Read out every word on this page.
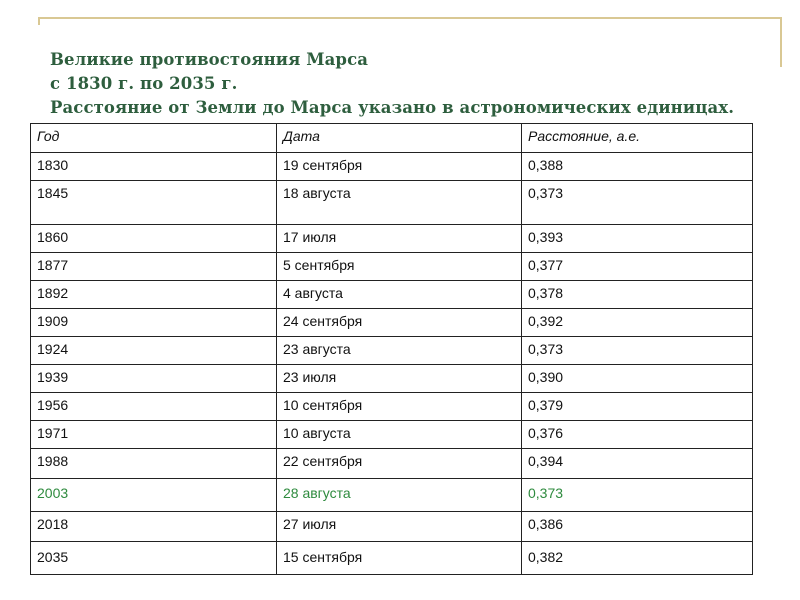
Великие противостояния Марса
с 1830 г. по 2035 г.
Расстояние от Земли до Марса указано в астрономических единицах.
Год	Дата	Расстояние, а.е.
1830	19 сентября	0,388
1845	18 августа	0,373
1860	17 июля	0,393
1877	5 сентября	0,377
1892	4 августа	0,378
1909	24 сентября	0,392
1924	23 августа	0,373
1939	23 июля	0,390
1956	10 сентября	0,379
1971	10 августа	0,376
1988	22 сентября	0,394
2003	28 августа	0,373
2018	27 июля	0,386
2035	15 сентября	0,382
